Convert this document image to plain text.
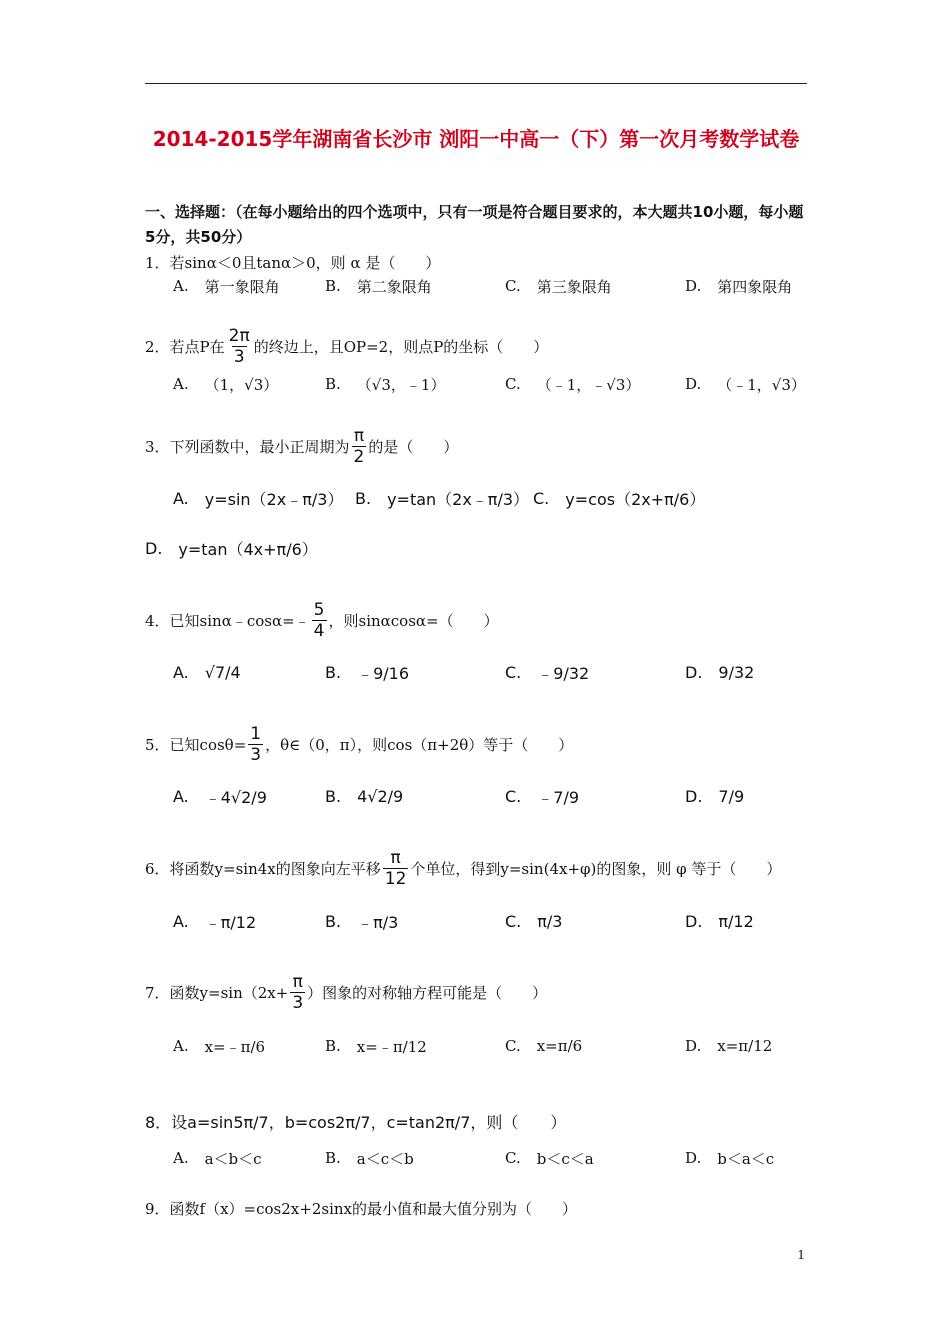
2014-2015学年湖南省长沙市 浏阳一中高一（下）第一次月考数学试卷
一、选择题：（在每小题给出的四个选项中，只有一项是符合题目要求的，本大题共10小题，每小题5分，共50分）
1．若sinα＜0且tanα＞0，则 α 是（　　）
A. 第一象限角	B. 第二象限角	C. 第三象限角	D. 第四象限角
2．若点P在 $\frac{2\pi}{3}$ 的终边上，且OP=2，则点P的坐标（　　）
A. （1，√3）	B. （√3，﹣1）	C. （﹣1，﹣√3）	D. （﹣1，√3）
3．下列函数中，最小正周期为 $\frac{\pi}{2}$ 的是（　　）
A. y=sin（2x﹣π/3） B. y=tan（2x﹣π/3） C. y=cos（2x+π/6）
D. y=tan（4x+π/6）
4．已知sinα﹣cosα=﹣ $\frac{5}{4}$ ，则sinαcosα=（　　）
A. √7/4	B. ﹣9/16	C. ﹣9/32	D. 9/32
5．已知$\cos\theta= \frac{1}{3}$ ，θ∈（0，π），则cos（π+2θ）等于（　　）
A. ﹣4√2/9	B. 4√2/9	C. ﹣7/9	D. 7/9
6．将函数y=sin4x的图象向左平移 $\frac{\pi}{12}$ 个单位，得到y=sin(4x+φ)的图象，则 φ 等于（　　）
A. ﹣π/12	B. ﹣π/3	C. π/3	D. π/12
7．函数$y=\sin(2x+ \frac{\pi}{3}$ ）图象的对称轴方程可能是（　　）
A. x=﹣π/6	B. x=﹣π/12	C. x=π/6	D. x=π/12
8．设a=sin5π/7，b=cos2π/7，c=tan2π/7，则（　　）
A. a＜b＜c	B. a＜c＜b	C. b＜c＜a	D. b＜a＜c
9．函数f（x）=cos2x+2sinx的最小值和最大值分别为（　　）
1
